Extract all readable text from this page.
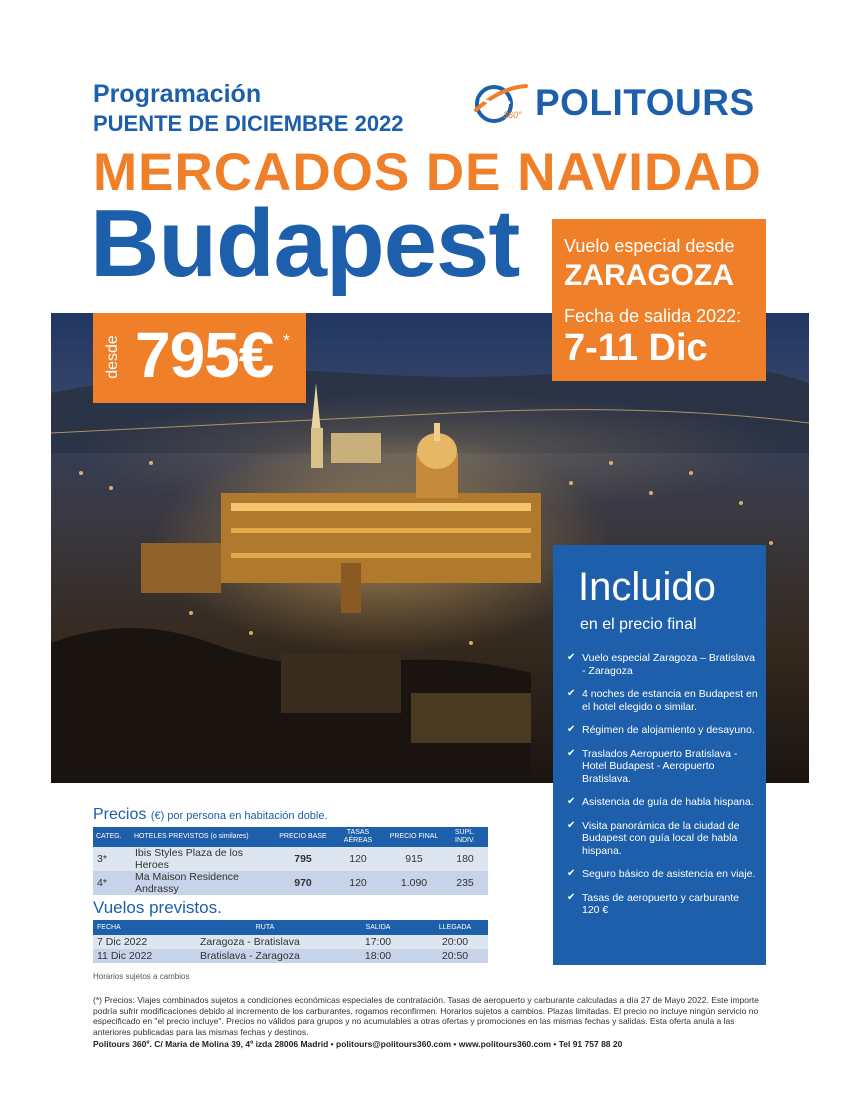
Programación
PUENTE DE DICIEMBRE 2022	360° POLITOURS
MERCADOS DE NAVIDAD
Budapest
desde 795€ *
Vuelo especial desde
ZARAGOZA
Fecha de salida 2022:
7-11 Dic
Incluido
en el precio final
✔ Vuelo especial Zaragoza – Bratislava - Zaragoza
✔ 4 noches de estancia en Budapest en el hotel elegido o similar.
✔ Régimen de alojamiento y desayuno.
✔ Traslados Aeropuerto Bratislava - Hotel Budapest - Aeropuerto Bratislava.
✔ Asistencia de guía de habla hispana.
✔ Visita panorámica de la ciudad de Budapest con guía local de habla hispana.
✔ Seguro básico de asistencia en viaje.
✔ Tasas de aeropuerto y carburante 120 €
Precios (€) por persona en habitación doble.
CATEG.	HOTELES PREVISTOS (o similares)	PRECIO BASE	TASAS AÉREAS	PRECIO FINAL	SUPL. INDIV.
3*	Ibis Styles Plaza de los Heroes	795	120	915	180
4*	Ma Maison Residence Andrassy	970	120	1.090	235
Vuelos previstos.
FECHA	RUTA	SALIDA	LLEGADA
7 Dic 2022	Zaragoza - Bratislava	17:00	20:00
11 Dic 2022	Bratislava - Zaragoza	18:00	20:50
Horarios sujetos a cambios
(*) Precios: Viajes combinados sujetos a condiciones económicas especiales de contratación. Tasas de aeropuerto y carburante calculadas a día 27 de Mayo 2022. Este importe podría sufrir modificaciones debido al incremento de los carburantes, rogamos reconfirmen. Horarios sujetos a cambios. Plazas limitadas. El precio no incluye ningún servicio no especificado en "el precio incluye". Precios no válidos para grupos y no acumulables a otras ofertas y promociones en las mismas fechas y salidas. Esta oferta anula a las anteriores publicadas para las mismas fechas y destinos.
Politours 360º. C/ María de Molina 39, 4º izda 28006 Madrid • politours@politours360.com • www.politours360.com • Tel 91 757 88 20
